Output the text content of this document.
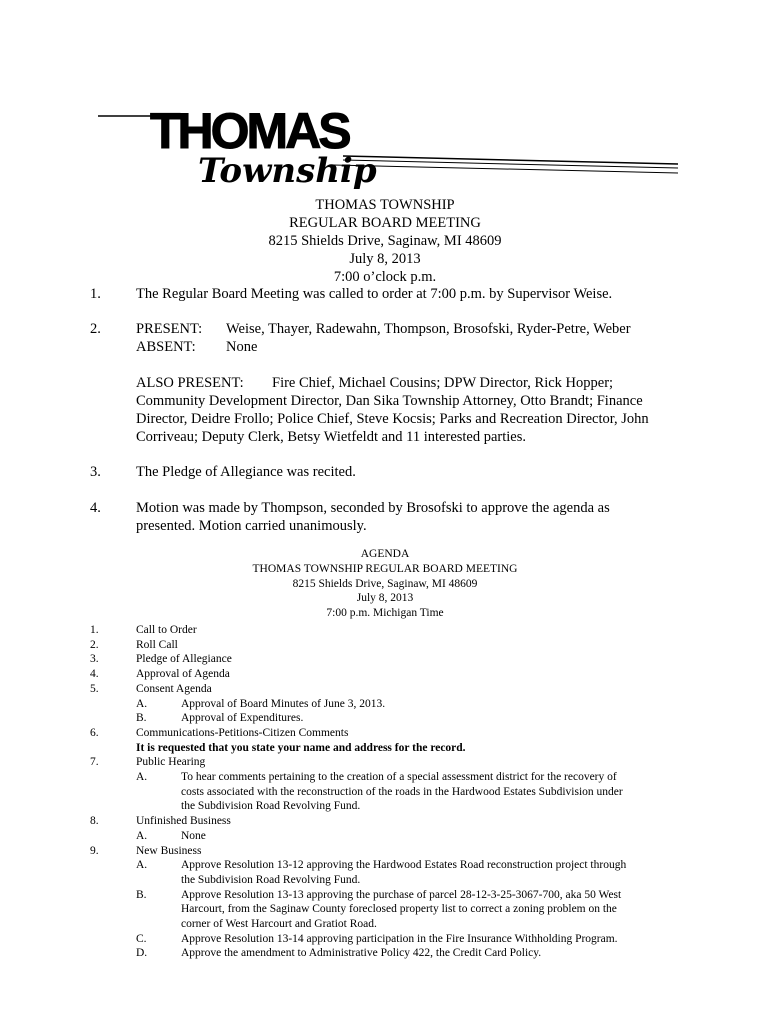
THOMAS
Township
THOMAS TOWNSHIP
REGULAR BOARD MEETING
8215 Shields Drive, Saginaw, MI 48609
July 8, 2013
7:00 o’clock p.m.
1. The Regular Board Meeting was called to order at 7:00 p.m. by Supervisor Weise.
2. PRESENT: Weise, Thayer, Radewahn, Thompson, Brosofski, Ryder-Petre, Weber
ABSENT: None
ALSO PRESENT: Fire Chief, Michael Cousins; DPW Director, Rick Hopper;
Community Development Director, Dan Sika Township Attorney, Otto Brandt; Finance
Director, Deidre Frollo; Police Chief, Steve Kocsis; Parks and Recreation Director, John
Corriveau; Deputy Clerk, Betsy Wietfeldt and 11 interested parties.
3. The Pledge of Allegiance was recited.
4. Motion was made by Thompson, seconded by Brosofski to approve the agenda as
presented. Motion carried unanimously.
AGENDA
THOMAS TOWNSHIP REGULAR BOARD MEETING
8215 Shields Drive, Saginaw, MI 48609
July 8, 2013
7:00 p.m. Michigan Time
1.	Call to Order
2.	Roll Call
3.	Pledge of Allegiance
4.	Approval of Agenda
5.	Consent Agenda
A.	Approval of Board Minutes of June 3, 2013.
B.	Approval of Expenditures.
6.	Communications-Petitions-Citizen Comments
It is requested that you state your name and address for the record.
7.	Public Hearing
A.	To hear comments pertaining to the creation of a special assessment district for the recovery of
costs associated with the reconstruction of the roads in the Hardwood Estates Subdivision under
the Subdivision Road Revolving Fund.
8.	Unfinished Business
A.	None
9.	New Business
A.	Approve Resolution 13-12 approving the Hardwood Estates Road reconstruction project through
the Subdivision Road Revolving Fund.
B.	Approve Resolution 13-13 approving the purchase of parcel 28-12-3-25-3067-700, aka 50 West
Harcourt, from the Saginaw County foreclosed property list to correct a zoning problem on the
corner of West Harcourt and Gratiot Road.
C.	Approve Resolution 13-14 approving participation in the Fire Insurance Withholding Program.
D.	Approve the amendment to Administrative Policy 422, the Credit Card Policy.
